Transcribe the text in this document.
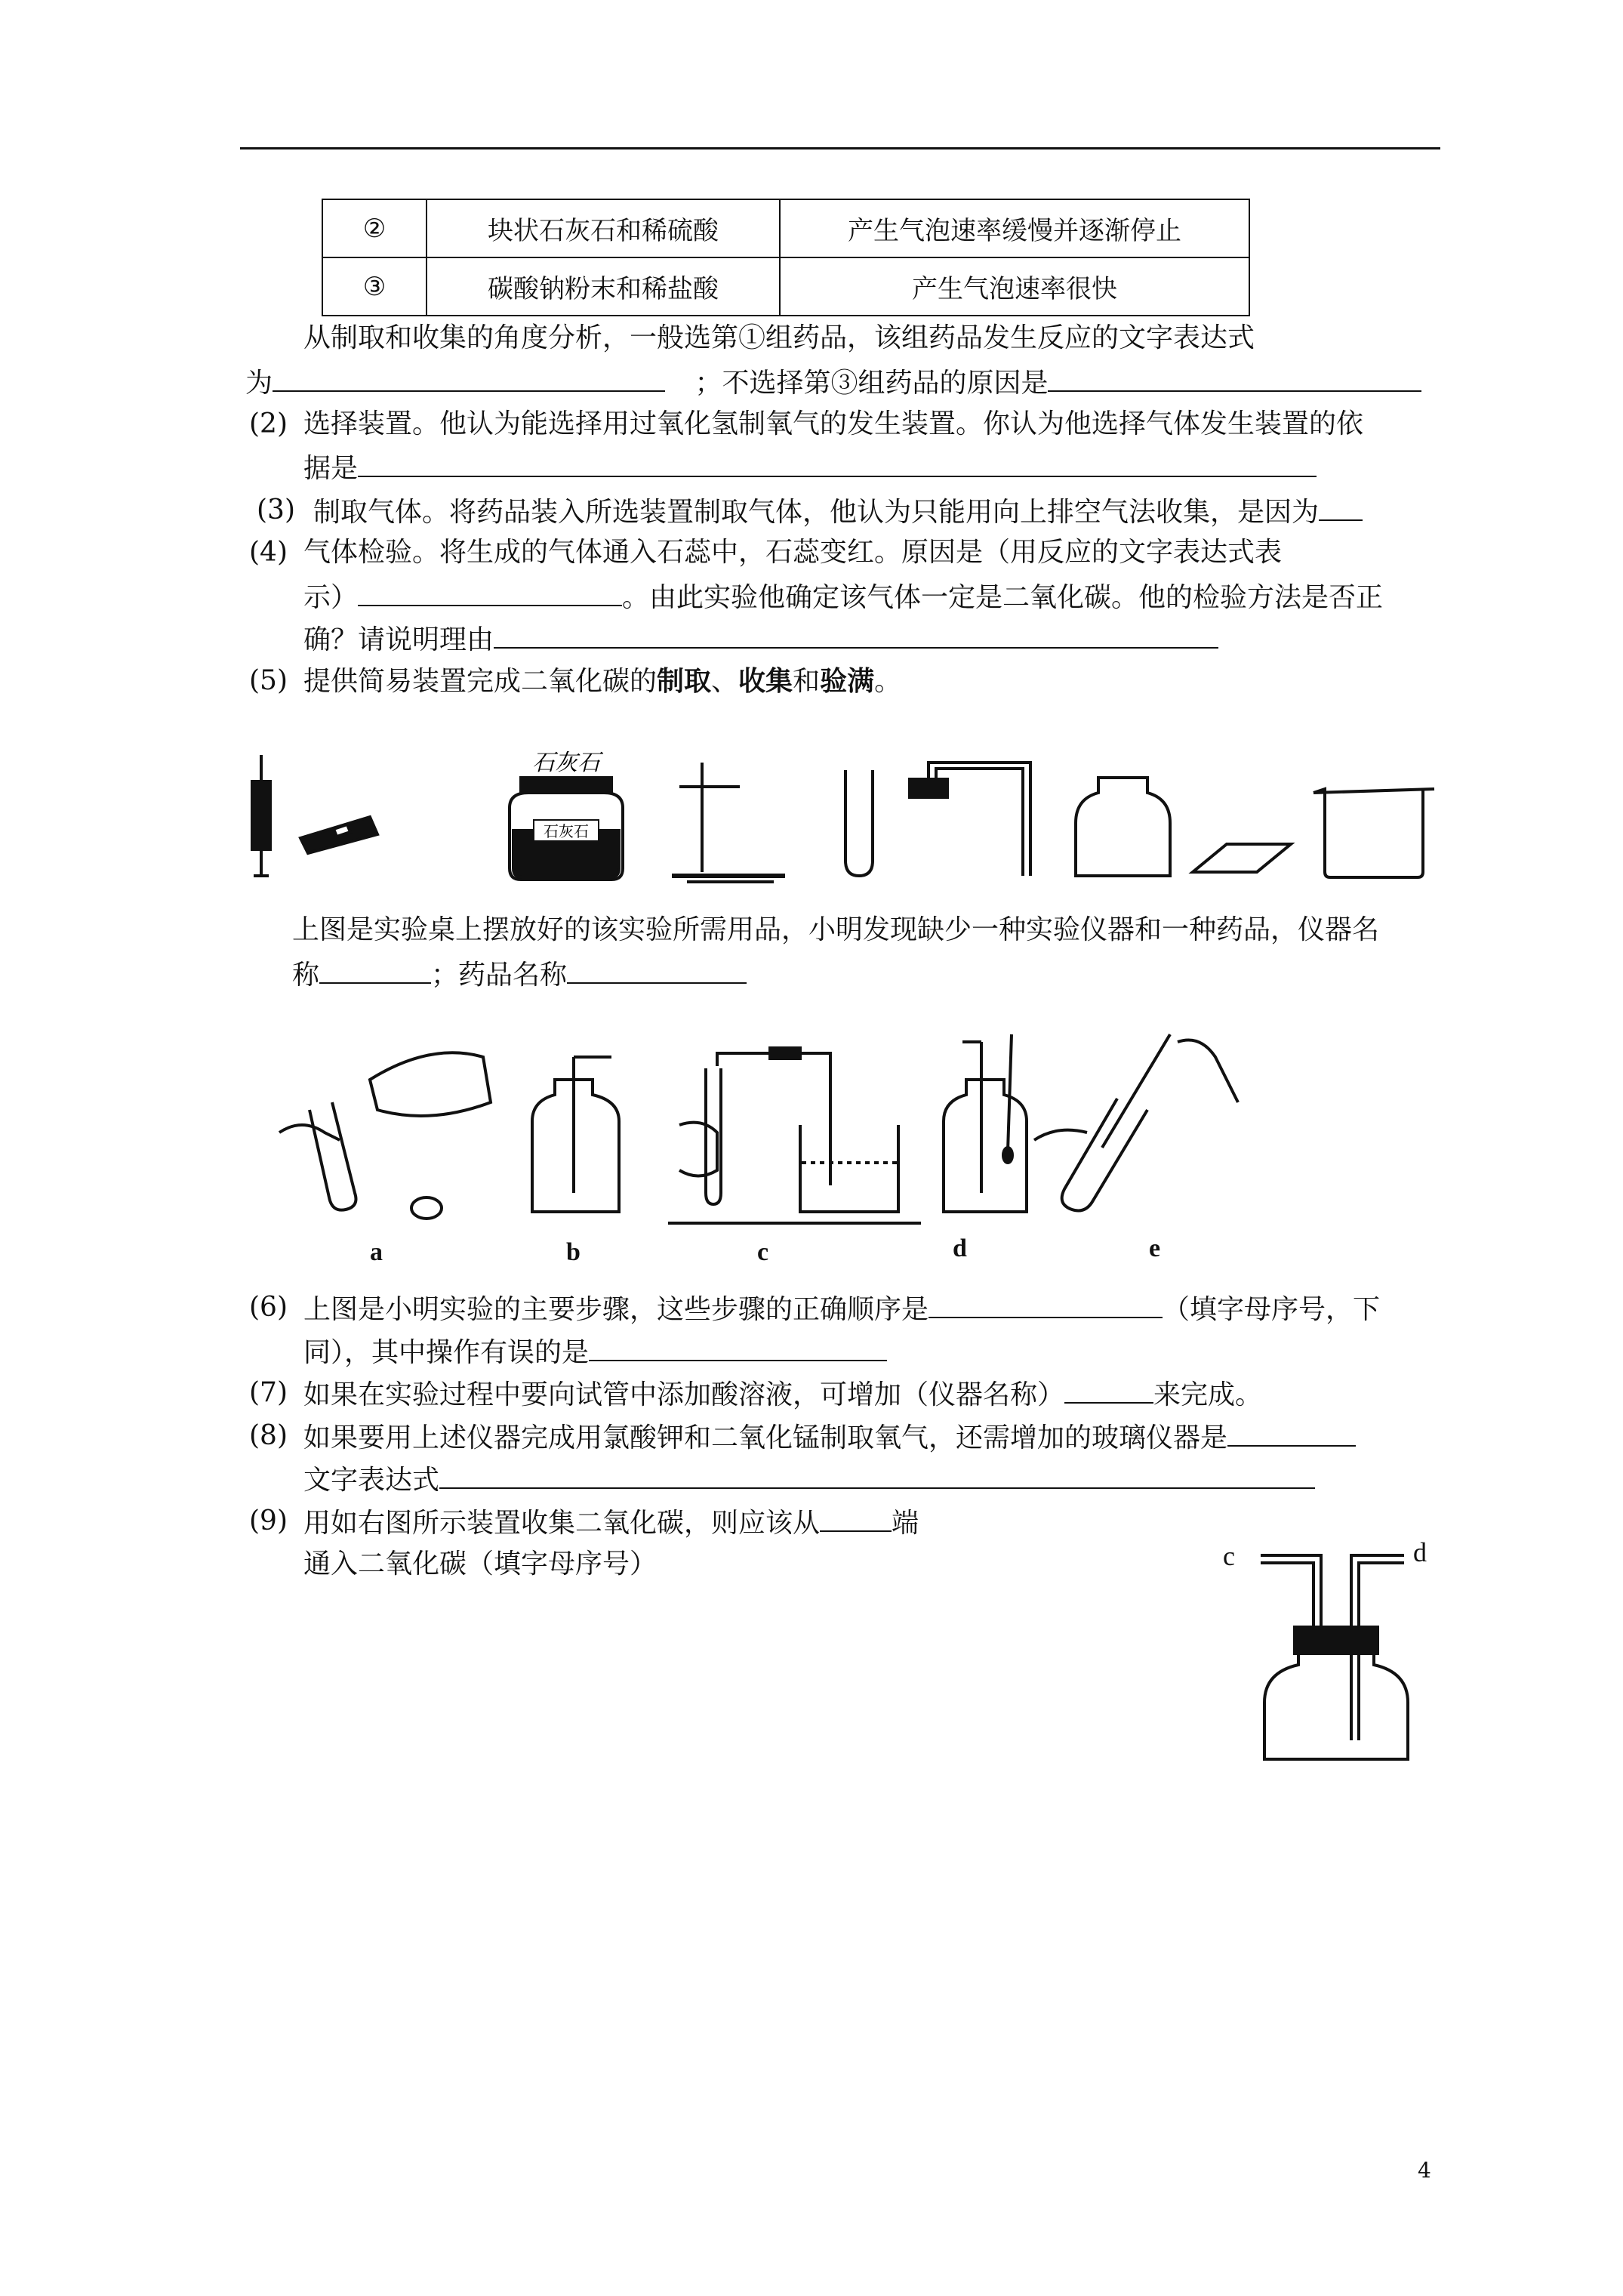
②	块状石灰石和稀硫酸	产生气泡速率缓慢并逐渐停止
③	碳酸钠粉末和稀盐酸	产生气泡速率很快
从制取和收集的角度分析，一般选第①组药品，该组药品发生反应的文字表达式
为	；不选择第③组药品的原因是
(2) 选择装置。他认为能选择用过氧化氢制氧气的发生装置。你认为他选择气体发生装置的依
据是
(3) 制取气体。将药品装入所选装置制取气体，他认为只能用向上排空气法收集，是因为
(4) 气体检验。将生成的气体通入石蕊中，石蕊变红。原因是（用反应的文字表达式表
示）	。由此实验他确定该气体一定是二氧化碳。他的检验方法是否正
确？请说明理由
(5) 提供简易装置完成二氧化碳的制取、收集和验满。
石灰石
石灰石
上图是实验桌上摆放好的该实验所需用品，小明发现缺少一种实验仪器和一种药品，仪器名
称	；药品名称
a	b	c	d	e
(6) 上图是小明实验的主要步骤，这些步骤的正确顺序是	（填字母序号，下
同），其中操作有误的是
(7) 如果在实验过程中要向试管中添加酸溶液，可增加（仪器名称）	来完成。
(8) 如果要用上述仪器完成用氯酸钾和二氧化锰制取氧气，还需增加的玻璃仪器是
文字表达式
(9) 用如右图所示装置收集二氧化碳，则应该从	端
通入二氧化碳（填字母序号）	c	d
4
